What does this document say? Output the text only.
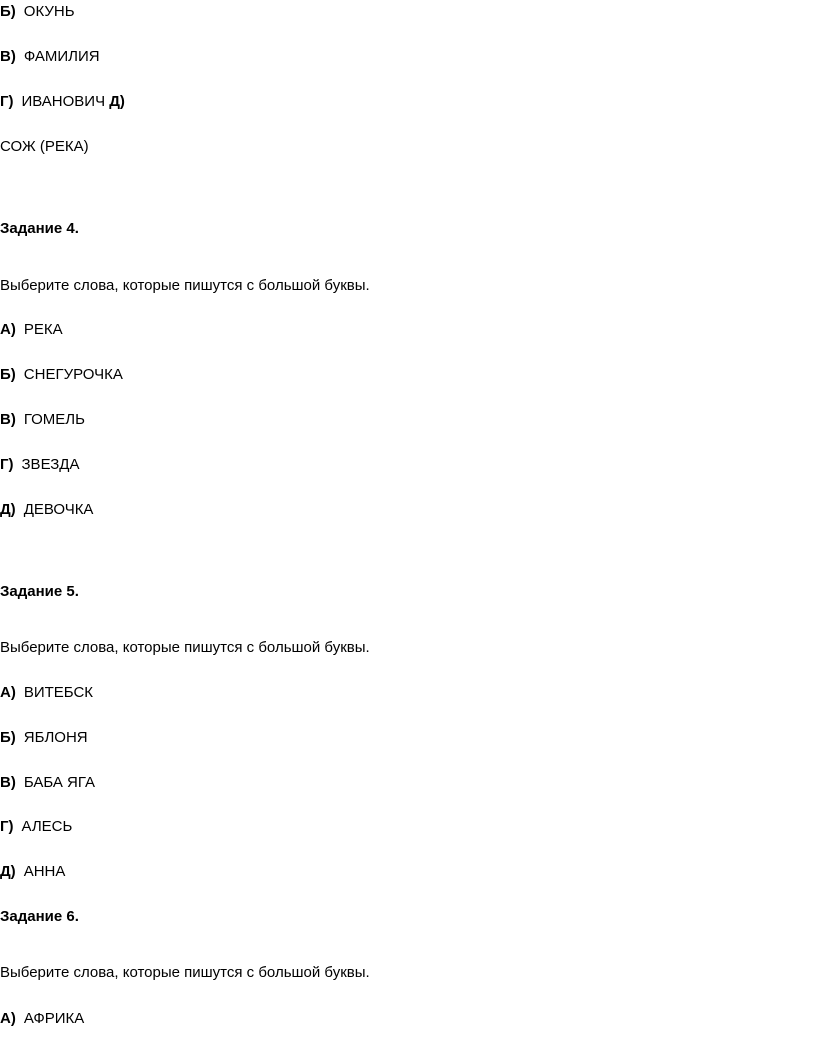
Б) ОКУНЬ
В) ФАМИЛИЯ
Г) ИВАНОВИЧ Д)
СОЖ (РЕКА)
Задание 4.
Выберите слова, которые пишутся с большой буквы.
А) РЕКА
Б) СНЕГУРОЧКА
В) ГОМЕЛЬ
Г) ЗВЕЗДА
Д) ДЕВОЧКА
Задание 5.
Выберите слова, которые пишутся с большой буквы.
А) ВИТЕБСК
Б) ЯБЛОНЯ
В) БАБА ЯГА
Г) АЛЕСЬ
Д) АННА
Задание 6.
Выберите слова, которые пишутся с большой буквы.
А) АФРИКА
